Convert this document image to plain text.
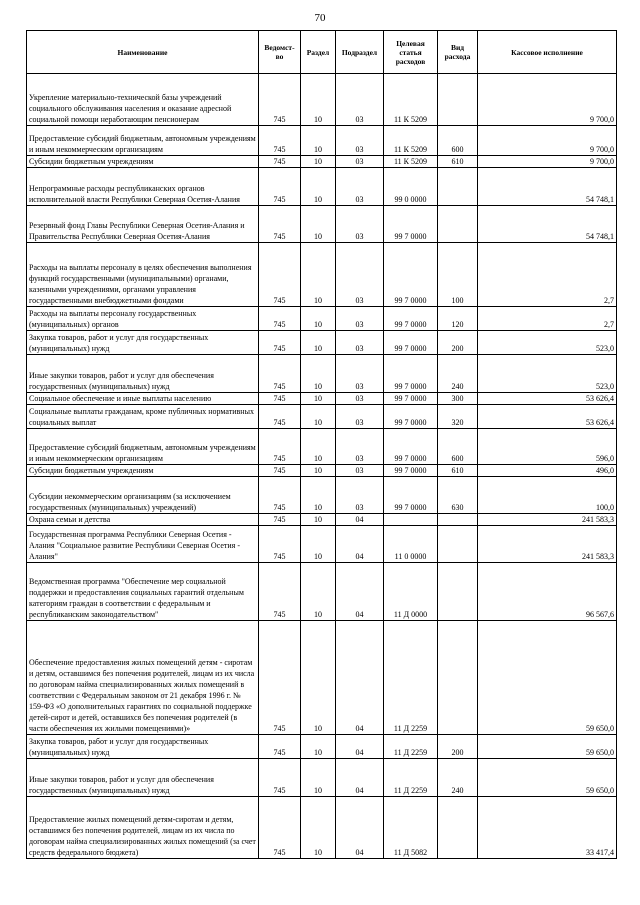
70
Наименование	Ведомст-во	Раздел	Подраздел	Целевая статья расходов	Вид расхода	Кассовое исполнение
Укрепление материально-технической базы учреждений социального обслуживания населения и оказание адресной социальной помощи неработающим пенсионерам	745	10	03	11 К 5209		9 700,0
Предоставление субсидий бюджетным, автономным учреждениям и иным некоммерческим организациям	745	10	03	11 К 5209	600	9 700,0
Субсидии бюджетным учреждениям	745	10	03	11 К 5209	610	9 700,0
Непрограммные расходы республиканских органов исполнительной власти Республики Северная Осетия-Алания	745	10	03	99 0 0000		54 748,1
Резервный фонд Главы Республики Северная Осетия-Алания и Правительства Республики Северная Осетия-Алания	745	10	03	99 7 0000		54 748,1
Расходы на выплаты персоналу в целях обеспечения выполнения функций государственными (муниципальными) органами, казенными учреждениями, органами управления государственными внебюджетными фондами	745	10	03	99 7 0000	100	2,7
Расходы на выплаты персоналу государственных (муниципальных) органов	745	10	03	99 7 0000	120	2,7
Закупка товаров, работ и услуг для государственных (муниципальных) нужд	745	10	03	99 7 0000	200	523,0
Иные закупки товаров, работ и услуг для обеспечения государственных (муниципальных) нужд	745	10	03	99 7 0000	240	523,0
Социальное обеспечение и иные выплаты населению	745	10	03	99 7 0000	300	53 626,4
Социальные выплаты гражданам, кроме публичных нормативных социальных выплат	745	10	03	99 7 0000	320	53 626,4
Предоставление субсидий бюджетным, автономным учреждениям и иным некоммерческим организациям	745	10	03	99 7 0000	600	596,0
Субсидии бюджетным учреждениям	745	10	03	99 7 0000	610	496,0
Субсидии некоммерческим организациям (за исключением государственных (муниципальных) учреждений)	745	10	03	99 7 0000	630	100,0
Охрана семьи и детства	745	10	04			241 583,3
Государственная программа Республики Северная Осетия - Алания "Социальное развитие Республики Северная Осетия - Алания"	745	10	04	11 0 0000		241 583,3
Ведомственная программа "Обеспечение мер социальной поддержки и предоставления социальных гарантий отдельным категориям граждан в соответствии с федеральным и республиканским законодательством"	745	10	04	11 Д 0000		96 567,6
Обеспечение предоставления жилых помещений детям - сиротам и детям, оставшимся без попечения родителей, лицам из их числа по договорам найма специализированных жилых помещений в соответствии с Федеральным законом от 21 декабря 1996 г. № 159-ФЗ «О дополнительных гарантиях по социальной поддержке детей-сирот и детей, оставшихся без попечения родителей (в части обеспечения их жилыми помещениями)»	745	10	04	11 Д 2259		59 650,0
Закупка товаров, работ и услуг для государственных (муниципальных) нужд	745	10	04	11 Д 2259	200	59 650,0
Иные закупки товаров, работ и услуг для обеспечения государственных (муниципальных) нужд	745	10	04	11 Д 2259	240	59 650,0
Предоставление жилых помещений детям-сиротам и детям, оставшимся без попечения родителей, лицам из их числа по договорам найма специализированных жилых помещений (за счет средств федерального бюджета)	745	10	04	11 Д 5082		33 417,4
